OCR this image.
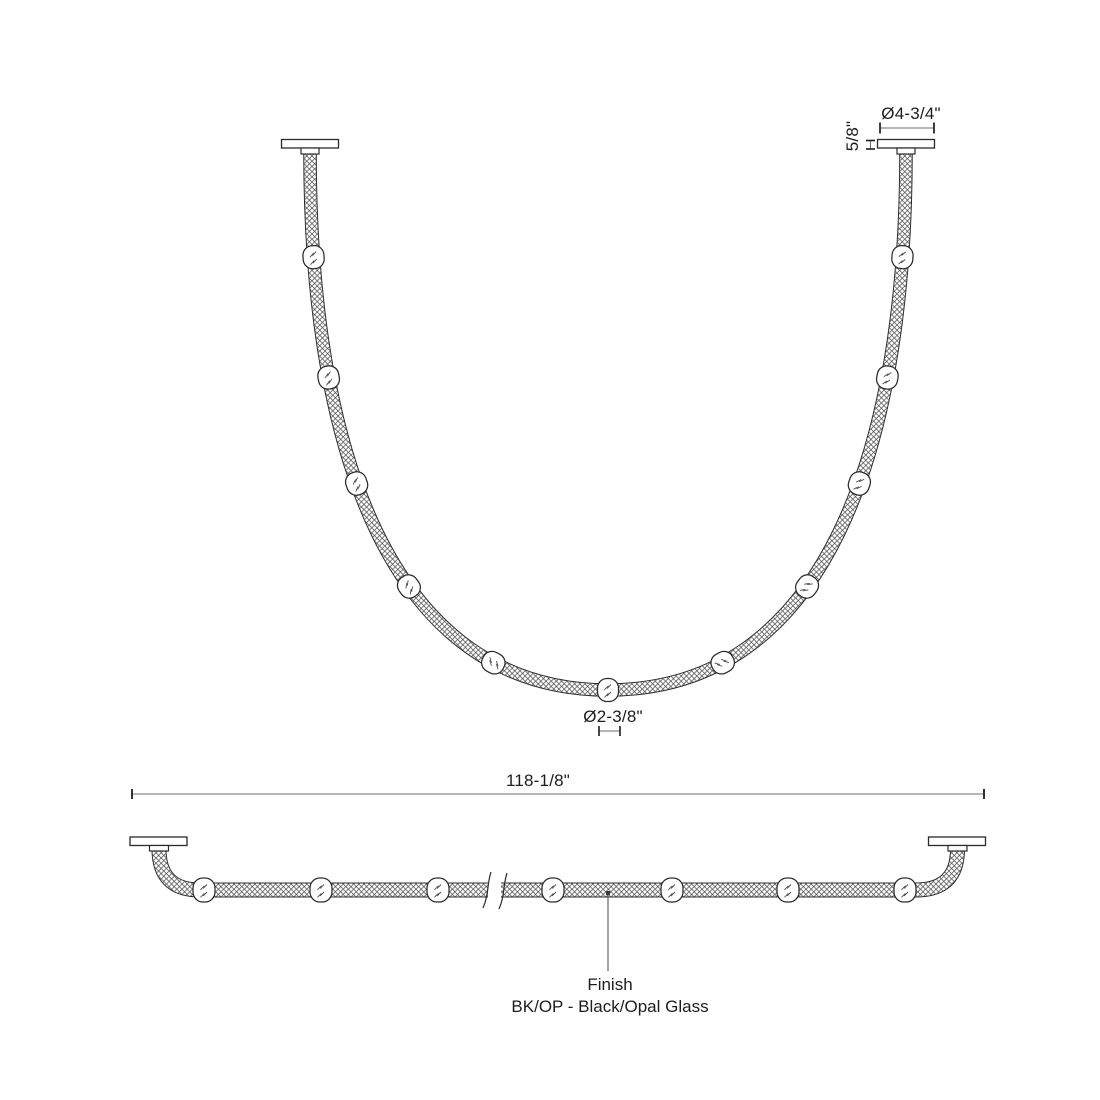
Ø4-3/4"
5/8"
Ø2-3/8"
118-1/8"
Finish
BK/OP - Black/Opal Glass
